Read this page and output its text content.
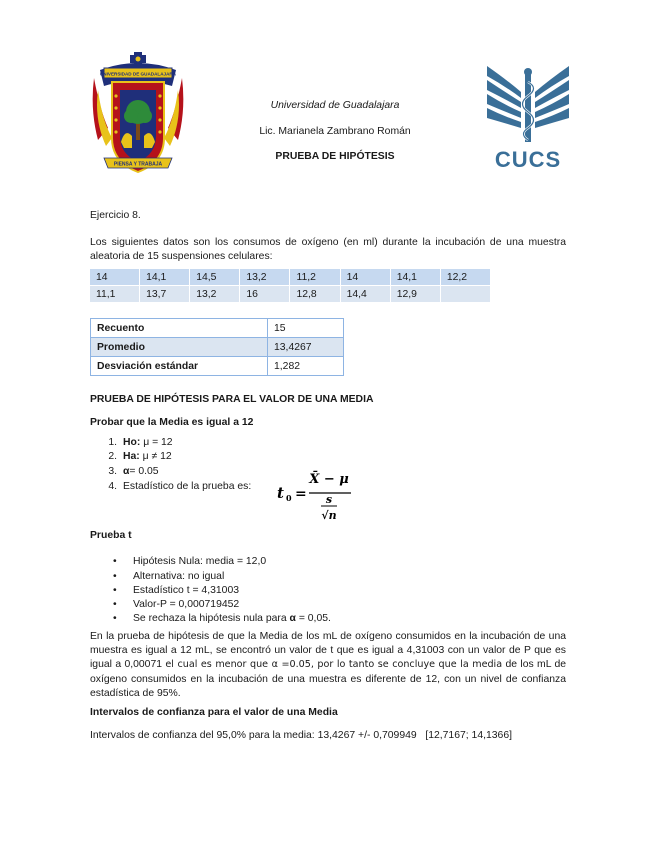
UNIVERSIDAD DE GUADALAJARA
PIENSA Y TRABAJA	CUCS
Universidad de Guadalajara
Lic. Marianela Zambrano Román
PRUEBA DE HIPÓTESIS
Ejercicio 8.
Los siguientes datos son los consumos de oxígeno (en ml) durante la incubación de una muestra aleatoria de 15 suspensiones celulares:
14	14,1	14,5	13,2	11,2	14	14,1	12,2
11,1	13,7	13,2	16	12,8	14,4	12,9	
Recuento	15
Promedio	13,4267
Desviación estándar	1,282
PRUEBA DE HIPÓTESIS PARA EL VALOR DE UNA MEDIA
Probar que la Media es igual a 12
1. Ho: μ = 12
2. Ha: μ ≠ 12
3. α= 0.05
4. Estadístico de la prueba es:	t 0 =
X̄ − μ
s
√n
Prueba t
• Hipótesis Nula: media = 12,0
• Alternativa: no igual
• Estadístico t = 4,31003
• Valor-P = 0,000719452
• Se rechaza la hipótesis nula para α = 0,05.
En la prueba de hipótesis de que la Media de los mL de oxígeno consumidos en la incubación de una muestra es igual a 12 mL, se encontró un valor de t que es igual a 4,31003 con un valor de P que es igual a 0,00071 el cual es menor que α =0.05, por lo tanto se concluye que la media de los mL de oxígeno consumidos en la incubación de una muestra es diferente de 12, con un nivel de confianza estadística de 95%.
Intervalos de confianza para el valor de una Media
Intervalos de confianza del 95,0% para la media: 13,4267 +/- 0,709949   [12,7167; 14,1366]
